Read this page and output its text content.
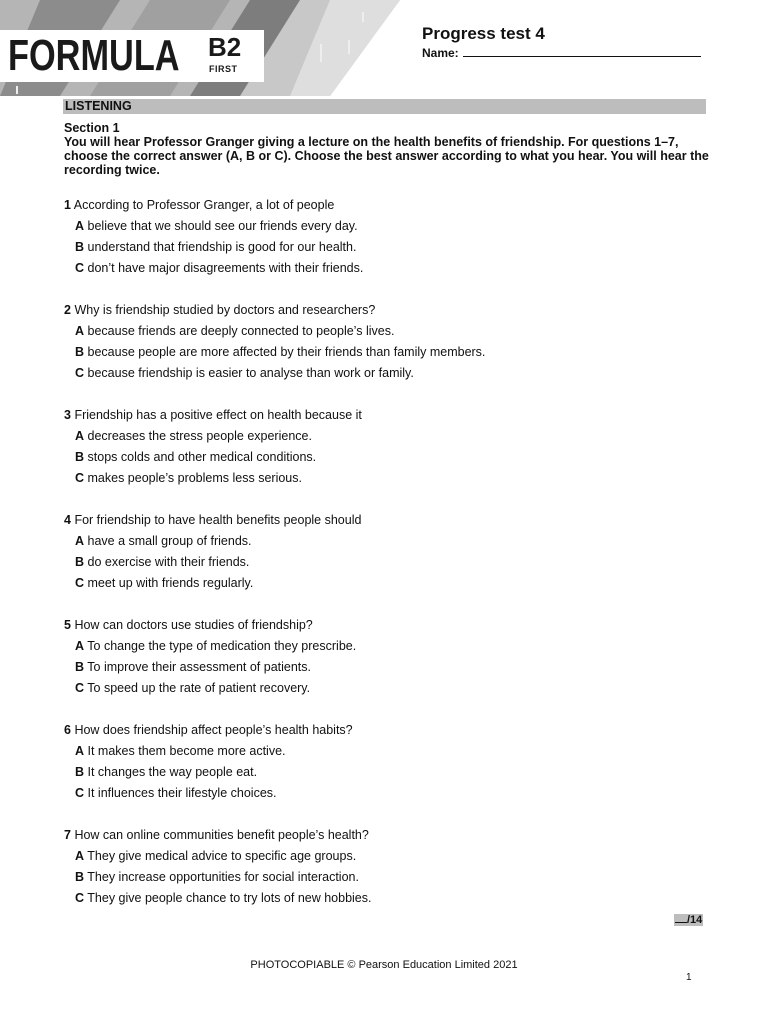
FORMULA B2
FIRST
Progress test 4
Name:
LISTENING
Section 1
You will hear Professor Granger giving a lecture on the health benefits of friendship. For questions 1–7, choose the correct answer (A, B or C). Choose the best answer according to what you hear. You will hear the recording twice.
1 According to Professor Granger, a lot of people
A believe that we should see our friends every day.
B understand that friendship is good for our health.
C don’t have major disagreements with their friends.
2 Why is friendship studied by doctors and researchers?
A because friends are deeply connected to people’s lives.
B because people are more affected by their friends than family members.
C because friendship is easier to analyse than work or family.
3 Friendship has a positive effect on health because it
A decreases the stress people experience.
B stops colds and other medical conditions.
C makes people’s problems less serious.
4 For friendship to have health benefits people should
A have a small group of friends.
B do exercise with their friends.
C meet up with friends regularly.
5 How can doctors use studies of friendship?
A To change the type of medication they prescribe.
B To improve their assessment of patients.
C To speed up the rate of patient recovery.
6 How does friendship affect people’s health habits?
A It makes them become more active.
B It changes the way people eat.
C It influences their lifestyle choices.
7 How can online communities benefit people’s health?
A They give medical advice to specific age groups.
B They increase opportunities for social interaction.
C They give people chance to try lots of new hobbies.
/14
PHOTOCOPIABLE © Pearson Education Limited 2021
1
